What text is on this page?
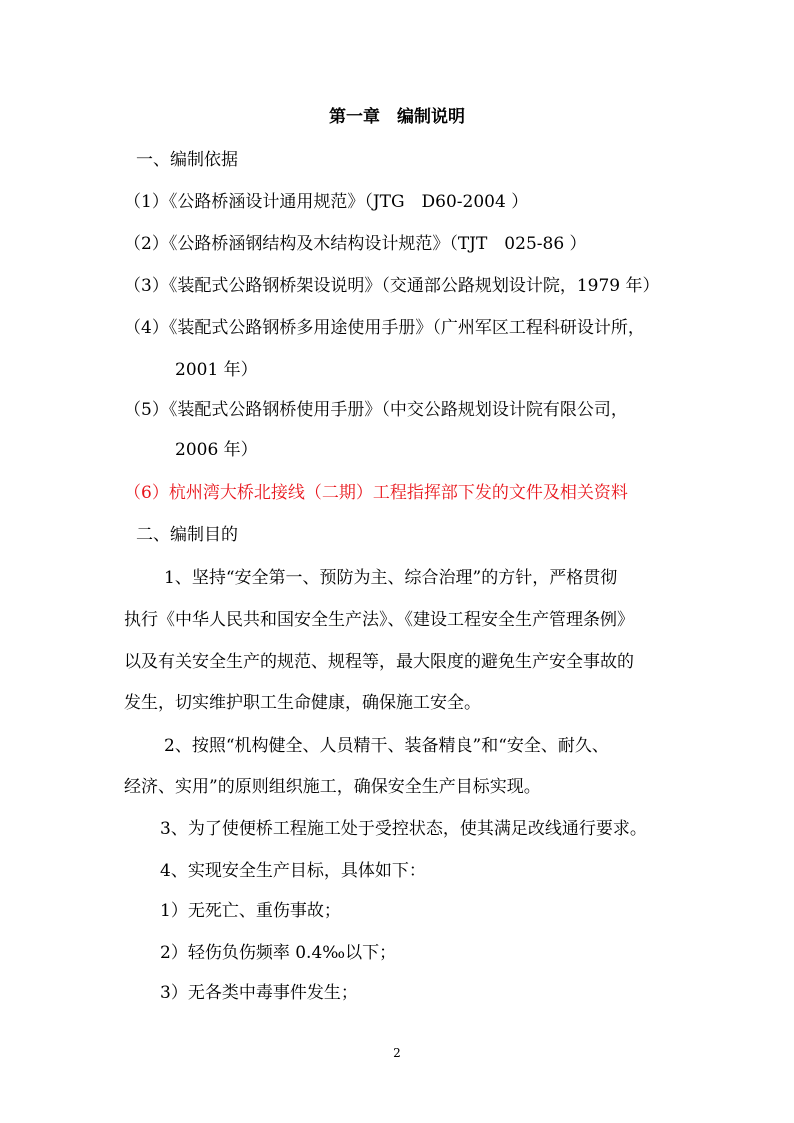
第一章　编制说明
一、编制依据
（1）《公路桥涵设计通用规范》（JTG　D60-2004 ）
（2）《公路桥涵钢结构及木结构设计规范》（TJT　025-86 ）
（3）《装配式公路钢桥架设说明》（交通部公路规划设计院，1979 年）
（4）《装配式公路钢桥多用途使用手册》（广州军区工程科研设计所，
2001 年）
（5）《装配式公路钢桥使用手册》（中交公路规划设计院有限公司，
2006 年）
（6）杭州湾大桥北接线（二期）工程指挥部下发的文件及相关资料
二、编制目的
1、坚持“安全第一、预防为主、综合治理”的方针，严格贯彻
执行《中华人民共和国安全生产法》、《建设工程安全生产管理条例》
以及有关安全生产的规范、规程等，最大限度的避免生产安全事故的
发生，切实维护职工生命健康，确保施工安全。
2、按照“机构健全、人员精干、装备精良”和“安全、耐久、
经济、实用”的原则组织施工，确保安全生产目标实现。
3、为了使便桥工程施工处于受控状态，使其满足改线通行要求。
4、实现安全生产目标，具体如下：
1）无死亡、重伤事故；
2）轻伤负伤频率 0.4‰以下；
3）无各类中毒事件发生；
2
